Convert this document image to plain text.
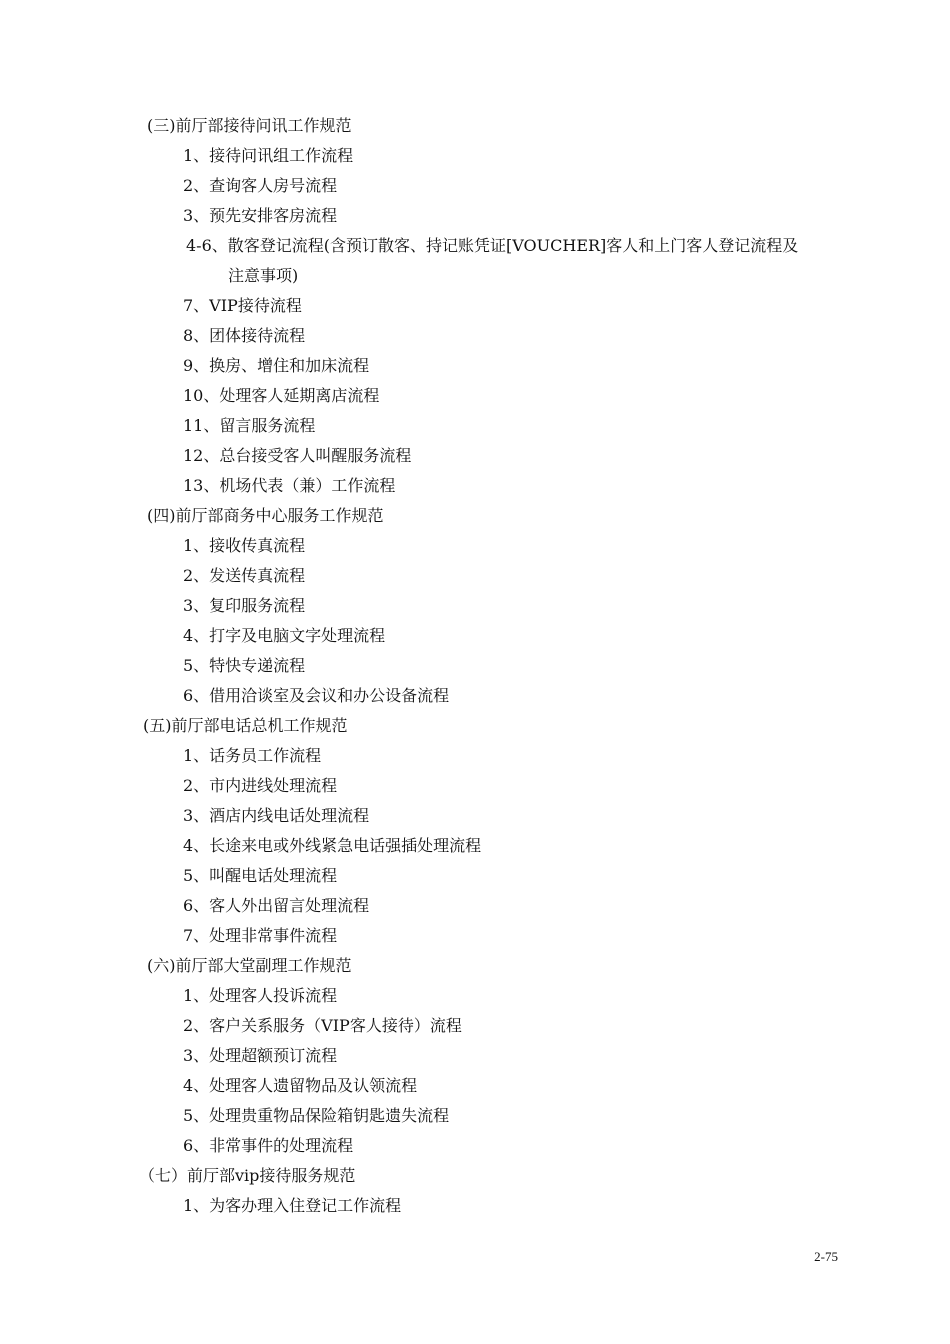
(三)前厅部接待问讯工作规范
1、接待问讯组工作流程
2、查询客人房号流程
3、预先安排客房流程
4-6、散客登记流程(含预订散客、持记账凭证[VOUCHER]客人和上门客人登记流程及
注意事项)
7、VIP接待流程
8、团体接待流程
9、换房、增住和加床流程
10、处理客人延期离店流程
11、留言服务流程
12、总台接受客人叫醒服务流程
13、机场代表（兼）工作流程
(四)前厅部商务中心服务工作规范
1、接收传真流程
2、发送传真流程
3、复印服务流程
4、打字及电脑文字处理流程
5、特快专递流程
6、借用洽谈室及会议和办公设备流程
(五)前厅部电话总机工作规范
1、话务员工作流程
2、市内进线处理流程
3、酒店内线电话处理流程
4、长途来电或外线紧急电话强插处理流程
5、叫醒电话处理流程
6、客人外出留言处理流程
7、处理非常事件流程
(六)前厅部大堂副理工作规范
1、处理客人投诉流程
2、客户关系服务（VIP客人接待）流程
3、处理超额预订流程
4、处理客人遗留物品及认领流程
5、处理贵重物品保险箱钥匙遗失流程
6、非常事件的处理流程
（七）前厅部vip接待服务规范
1、为客办理入住登记工作流程
2-75
